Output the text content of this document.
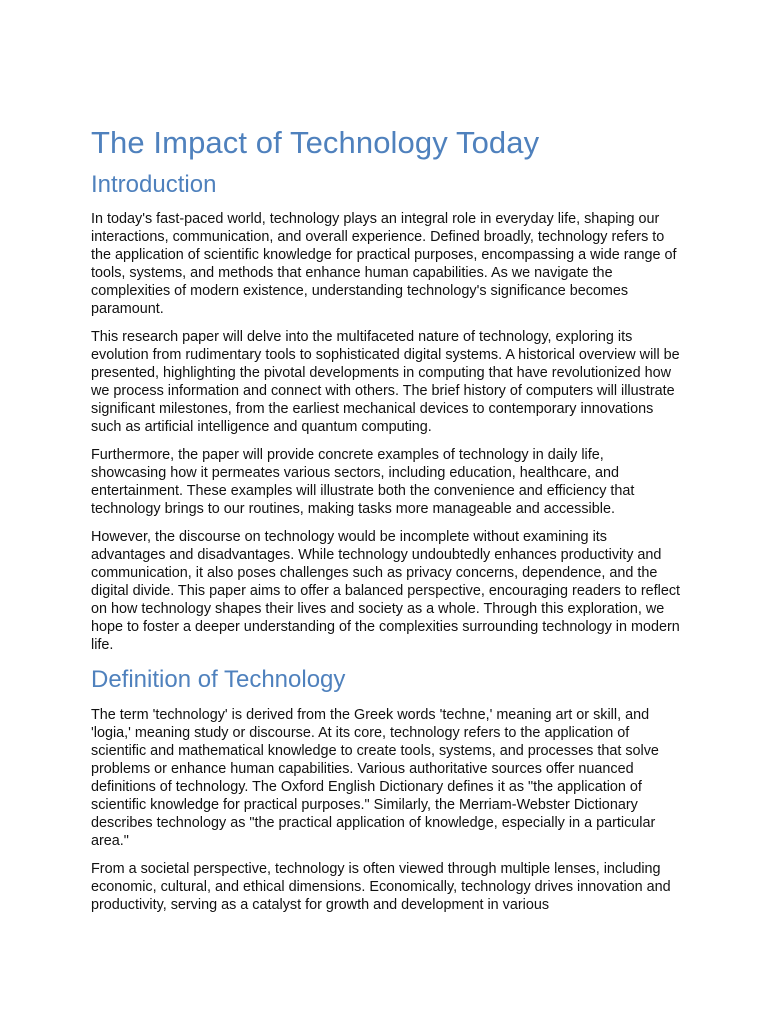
The Impact of Technology Today
Introduction

In today's fast-paced world, technology plays an integral role in everyday life, shaping our interactions, communication, and overall experience. Defined broadly, technology refers to the application of scientific knowledge for practical purposes, encompassing a wide range of tools, systems, and methods that enhance human capabilities. As we navigate the complexities of modern existence, understanding technology's significance becomes paramount.

This research paper will delve into the multifaceted nature of technology, exploring its evolution from rudimentary tools to sophisticated digital systems. A historical overview will be presented, highlighting the pivotal developments in computing that have revolutionized how we process information and connect with others. The brief history of computers will illustrate significant milestones, from the earliest mechanical devices to contemporary innovations such as artificial intelligence and quantum computing.

Furthermore, the paper will provide concrete examples of technology in daily life, showcasing how it permeates various sectors, including education, healthcare, and entertainment. These examples will illustrate both the convenience and efficiency that technology brings to our routines, making tasks more manageable and accessible.

However, the discourse on technology would be incomplete without examining its advantages and disadvantages. While technology undoubtedly enhances productivity and communication, it also poses challenges such as privacy concerns, dependence, and the digital divide. This paper aims to offer a balanced perspective, encouraging readers to reflect on how technology shapes their lives and society as a whole. Through this exploration, we hope to foster a deeper understanding of the complexities surrounding technology in modern life.

Definition of Technology

The term 'technology' is derived from the Greek words 'techne,' meaning art or skill, and 'logia,' meaning study or discourse. At its core, technology refers to the application of scientific and mathematical knowledge to create tools, systems, and processes that solve problems or enhance human capabilities. Various authoritative sources offer nuanced definitions of technology. The Oxford English Dictionary defines it as "the application of scientific knowledge for practical purposes." Similarly, the Merriam-Webster Dictionary describes technology as "the practical application of knowledge, especially in a particular area."

From a societal perspective, technology is often viewed through multiple lenses, including economic, cultural, and ethical dimensions. Economically, technology drives innovation and productivity, serving as a catalyst for growth and development in various
